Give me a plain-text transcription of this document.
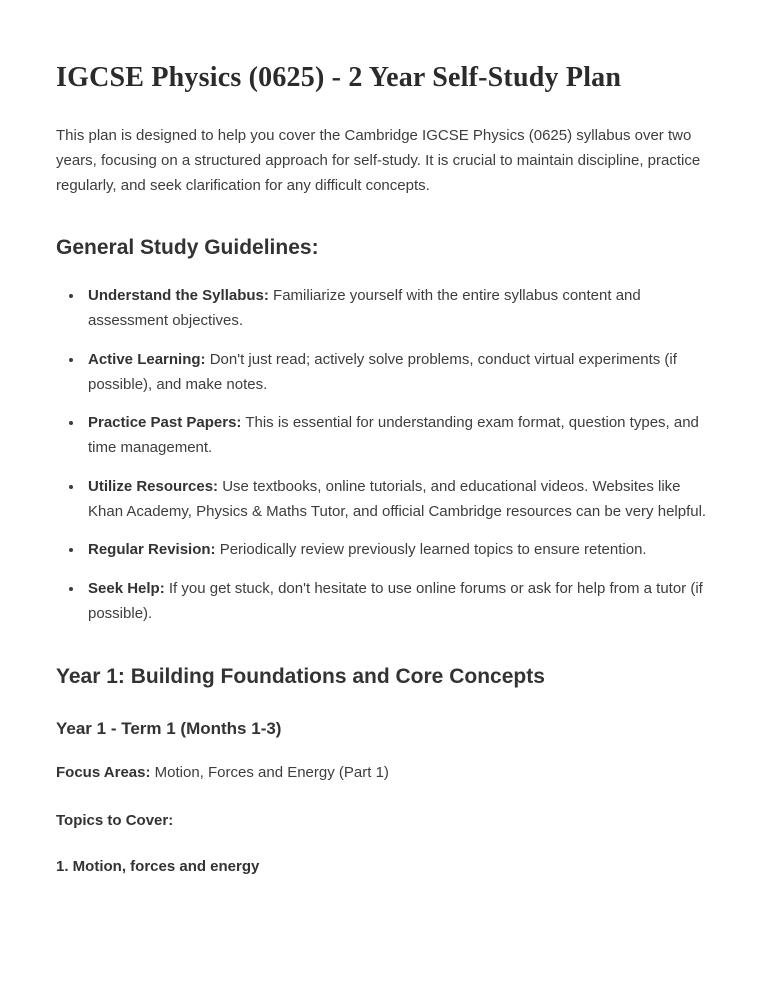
IGCSE Physics (0625) - 2 Year Self-Study Plan

This plan is designed to help you cover the Cambridge IGCSE Physics (0625) syllabus over two years, focusing on a structured approach for self-study. It is crucial to maintain discipline, practice regularly, and seek clarification for any difficult concepts.

General Study Guidelines:
• Understand the Syllabus: Familiarize yourself with the entire syllabus content and assessment objectives.
• Active Learning: Don't just read; actively solve problems, conduct virtual experiments (if possible), and make notes.
• Practice Past Papers: This is essential for understanding exam format, question types, and time management.
• Utilize Resources: Use textbooks, online tutorials, and educational videos. Websites like Khan Academy, Physics & Maths Tutor, and official Cambridge resources can be very helpful.
• Regular Revision: Periodically review previously learned topics to ensure retention.
• Seek Help: If you get stuck, don't hesitate to use online forums or ask for help from a tutor (if possible).
Year 1: Building Foundations and Core Concepts
Year 1 - Term 1 (Months 1-3)

Focus Areas: Motion, Forces and Energy (Part 1)

Topics to Cover:

1. Motion, forces and energy
